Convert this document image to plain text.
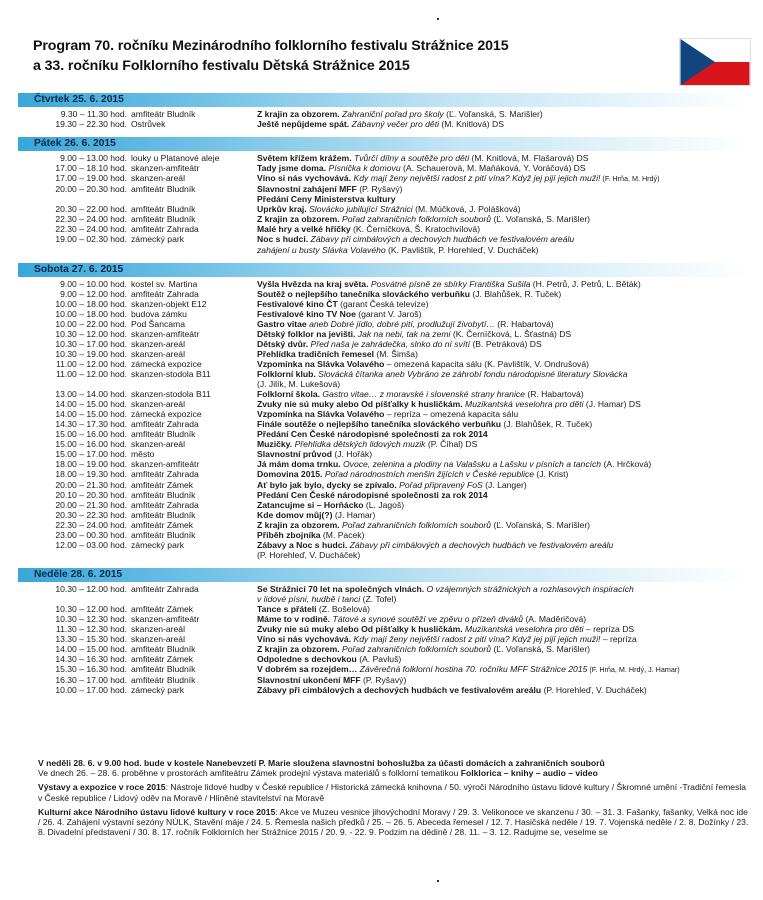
Program 70. ročníku Mezinárodního folklorního festivalu Strážnice 2015
a 33. ročníku Folklorního festivalu Dětská Strážnice 2015
Čtvrtek 25. 6. 2015
9.30 – 11.30 hod. amfiteátr Bludník	Z krajin za obzorem. Zahraniční pořad pro školy (Ľ. Voľanská, S. Marišler)
19.30 – 22.30 hod. Ostrůvek	Ještě nepůjdeme spát. Zábavný večer pro děti (M. Knitlová) DS
Pátek 26. 6. 2015
9.00 – 13.00 hod. louky u Platanové aleje	Světem křížem krážem. Tvůrčí dílny a soutěže pro děti (M. Knitlová, M. Flašarová) DS
17.00 – 18.10 hod. skanzen-amfiteátr	Tady jsme doma. Písnička k domovu (A. Schauerová, M. Maňáková, Y. Voráčová) DS
17.00 – 19.00 hod. skanzen-areál	Víno si nás vychovává. Kdy mají ženy největší radost z pití vína? Když jej pijí jejich muži! (F. Hrňa, M. Hrdý)
20.00 – 20.30 hod. amfiteátr Bludník	Slavnostní zahájení MFF (P. Ryšavý)
Předání Ceny Ministerstva kultury
20.30 – 22.00 hod. amfiteátr Bludník	Uprkův kraj. Slovácko jubilující Strážnici (M. Múčková, J. Polášková)
22.30 – 24.00 hod. amfiteátr Bludník	Z krajin za obzorem. Pořad zahraničních folklorních souborů (Ľ. Voľanská, S. Marišler)
22.30 – 24.00 hod. amfiteátr Zahrada	Malé hry a velké hříčky (K. Černíčková, Š. Kratochvílová)
19.00 – 02.30 hod. zámecký park	Noc s hudci. Zábavy při cimbálových a dechových hudbách ve festivalovém areálu
zahájení u busty Slávka Volavého (K. Pavlištík, P. Horehleď, V. Ducháček)
Sobota 27. 6. 2015
9.00 – 10.00 hod. kostel sv. Martina	Vyšla Hvězda na kraj světa. Posvátné písně ze sbírky Františka Sušila (H. Petrů, J. Petrů, L. Běták)
9.00 – 12.00 hod. amfiteátr Zahrada	Soutěž o nejlepšího tanečníka slováckého verbuňku (J. Blahůšek, R. Tuček)
10.00 – 18.00 hod. skanzen-objekt E12	Festivalové kino ČT (garant Česká televize)
10.00 – 18.00 hod. budova zámku	Festivalové kino TV Noe (garant V. Jaroš)
10.00 – 22.00 hod. Pod Šancama	Gastro vitae aneb Dobré jídlo, dobré pití, prodlužují živobytí… (R. Habartová)
10.30 – 12.00 hod. skanzen-amfiteátr	Dětský folklor na jevišti. Jak na nebi, tak na zemi (K. Černíčková, L. Šťastná) DS
10.30 – 17.00 hod. skanzen-areál	Dětský dvůr. Před naša je zahrádečka, slnko do ní svítí (B. Petráková) DS
10.30 – 19.00 hod. skanzen-areál	Přehlídka tradičních řemesel (M. Šimša)
11.00 – 12.00 hod. zámecká expozice	Vzpomínka na Slávka Volavého – omezená kapacita sálu (K. Pavlištík, V. Ondrušová)
11.00 – 12.00 hod. skanzen-stodola B11	Folklorní klub. Slovácká čítanka aneb Vybráno ze záhrobí fondu národopisné literatury Slovácka
(J. Jilík, M. Lukešová)
13.00 – 14.00 hod. skanzen-stodola B11	Folklorní škola. Gastro vitae… z moravské i slovenské strany hranice (R. Habartová)
14.00 – 15.00 hod. skanzen-areál	Zvuky nie sú muky alebo Od píšťalky k husličkám. Muzikantská veselohra pro děti (J. Hamar) DS
14.00 – 15.00 hod. zámecká expozice	Vzpomínka na Slávka Volavého – repríza – omezená kapacita sálu
14.30 – 17.30 hod. amfiteátr Zahrada	Finále soutěže o nejlepšího tanečníka slováckého verbuňku (J. Blahůšek, R. Tuček)
15.00 – 16.00 hod. amfiteátr Bludník	Předání Cen České národopisné společnosti za rok 2014
15.00 – 16.00 hod. skanzen-areál	Muzičky. Přehlídka dětských lidových muzik (P. Číhal) DS
15.00 – 17.00 hod. město	Slavnostní průvod (J. Hořák)
18.00 – 19.00 hod. skanzen-amfiteátr	Já mám doma trnku. Ovoce, zelenina a plodiny na Valašsku a Lašsku v písních a tancích (A. Hrčková)
18.00 – 19.30 hod. amfiteátr Zahrada	Domovina 2015. Pořad národnostních menšin žijících v České republice (J. Krist)
20.00 – 21.30 hod. amfiteátr Zámek	Ať bylo jak bylo, dycky se zpívalo. Pořad připravený FoS (J. Langer)
20.10 – 20.30 hod. amfiteátr Bludník	Předání Cen České národopisné společnosti za rok 2014
20.00 – 21.30 hod. amfiteátr Zahrada	Zatancujme si – Horňácko (L. Jagoš)
20.30 – 22.30 hod. amfiteátr Bludník	Kde domov můj(?) (J. Hamar)
22.30 – 24.00 hod. amfiteátr Zámek	Z krajin za obzorem. Pořad zahraničních folklorních souborů (Ľ. Voľanská, S. Marišler)
23.00 – 00.30 hod. amfiteátr Bludník	Příběh zbojníka (M. Pacek)
12.00 – 03.00 hod. zámecký park	Zábavy a Noc s hudci. Zábavy při cimbálových a dechových hudbách ve festivalovém areálu
(P. Horehleď, V. Ducháček)
Neděle 28. 6. 2015
10.30 – 12.00 hod. amfiteátr Zahrada	Se Strážnicí 70 let na společných vlnách. O vzájemných strážnických a rozhlasových inspiracích
v lidové písni, hudbě i tanci (Z. Tofel)
10.30 – 12.00 hod. amfiteátr Zámek	Tance s přáteli (Z. Bošelová)
10.30 – 12.30 hod. skanzen-amfiteátr	Máme to v rodině. Tátové a synové soutěží ve zpěvu o přízeň diváků (A. Maděričová)
11.30 – 12.30 hod. skanzen-areál	Zvuky nie sú muky alebo Od píšťalky k husličkám. Muzikantská veselohra pro děti – repríza DS
13.30 – 15.30 hod. skanzen-areál	Víno si nás vychovává. Kdy mají ženy největší radost z pití vína? Když jej pijí jejich muži! – repríza
14.00 – 15.00 hod. amfiteátr Bludník	Z krajin za obzorem. Pořad zahraničních folklorních souborů (Ľ. Voľanská, S. Marišler)
14.30 – 16.30 hod. amfiteátr Zámek	Odpoledne s dechovkou (A. Pavluš)
15.30 – 16.30 hod. amfiteátr Bludník	V dobrém sa rozejdem… Závěrečná folklorní hostina 70. ročníku MFF Strážnice 2015 (F. Hrňa, M. Hrdý, J. Hamar)
16.30 – 17.00 hod. amfiteátr Bludník	Slavnostní ukončení MFF (P. Ryšavý)
10.00 – 17.00 hod. zámecký park	Zábavy při cimbálových a dechových hudbách ve festivalovém areálu (P. Horehleď, V. Ducháček)

V neděli 28. 6. v 9.00 hod. bude v kostele Nanebevzetí P. Marie sloužena slavnostní bohoslužba za účasti domácích a zahraničních souborů
Ve dnech 26. – 28. 6. proběhne v prostorách amfiteátru Zámek prodejní výstava materiálů s folklorní tematikou Folklorica – knihy – audio – video

Výstavy a expozice v roce 2015: Nástroje lidové hudby v České republice / Historická zámecká knihovna / 50. výročí Národního ústavu lidové kultury / Škromné umění -Tradiční řemesla v České republice / Lidový oděv na Moravě / Hliněné stavitelství na Moravě

Kulturní akce Národního ústavu lidové kultury v roce 2015: Akce ve Muzeu vesnice jihovýchodní Moravy / 29. 3. Velikonoce ve skanzenu / 30. – 31. 3. Fašanky, fašanky, Velká noc ide / 26. 4. Zahájení výstavní sezóny NÚLK, Stavění máje / 24. 5. Řemesla našich předků / 25. – 26. 5. Abeceda řemesel / 12. 7. Hasičská neděle / 19. 7. Vojenská neděle / 2. 8. Dožínky / 23. 8. Divadelní představení / 30. 8. 17. ročník Folklorních her Strážnice 2015 / 20. 9. - 22. 9. Podzim na dědině / 28. 11. – 3. 12. Radujme se, veselme se
